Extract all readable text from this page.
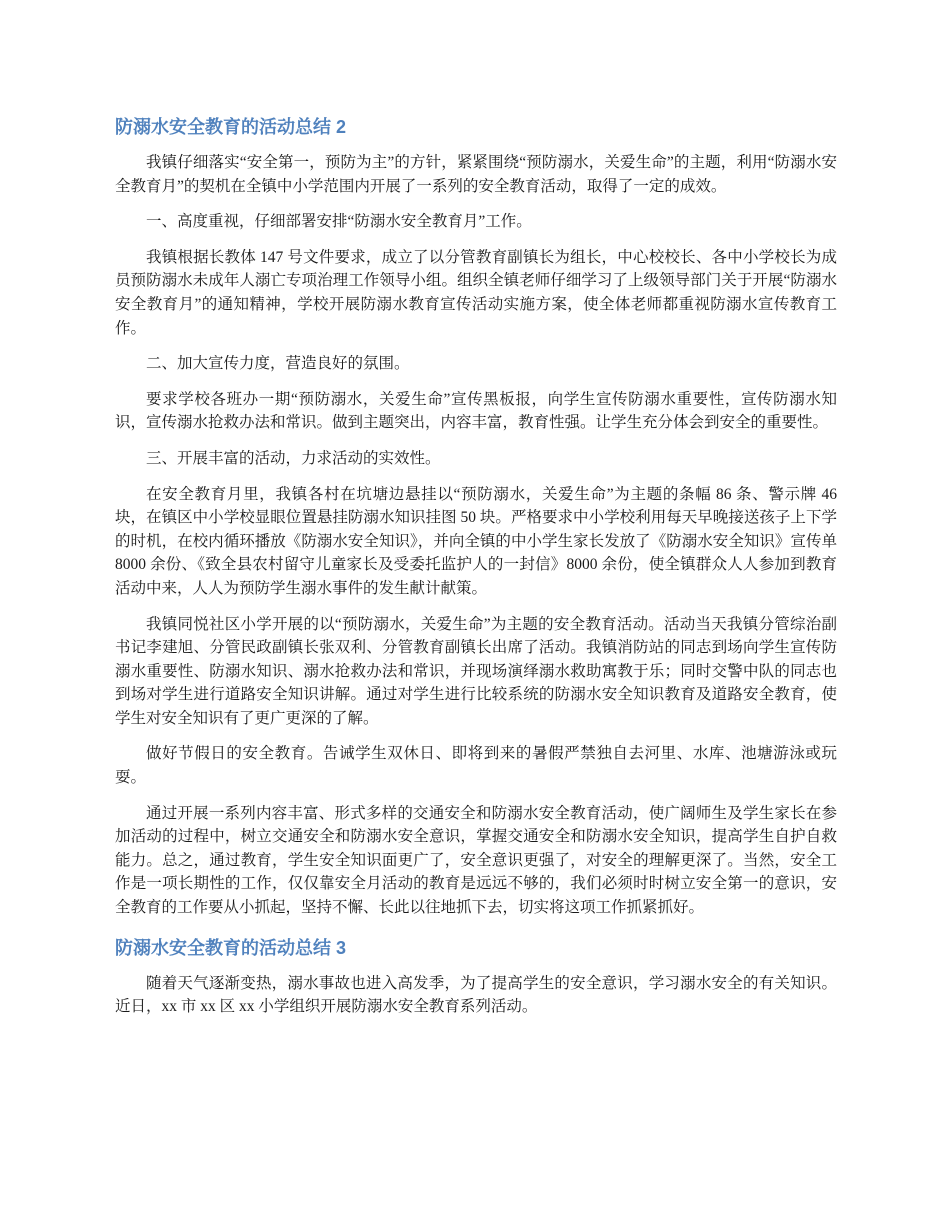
防溺水安全教育的活动总结 2

我镇仔细落实“安全第一，预防为主”的方针，紧紧围绕“预防溺水，关爱生命”的主题，利用“防溺水安全教育月”的契机在全镇中小学范围内开展了一系列的安全教育活动，取得了一定的成效。

一、高度重视，仔细部署安排“防溺水安全教育月”工作。

我镇根据长教体 147 号文件要求，成立了以分管教育副镇长为组长，中心校校长、各中小学校长为成员预防溺水未成年人溺亡专项治理工作领导小组。组织全镇老师仔细学习了上级领导部门关于开展“防溺水安全教育月”的通知精神，学校开展防溺水教育宣传活动实施方案，使全体老师都重视防溺水宣传教育工作。

二、加大宣传力度，营造良好的氛围。

要求学校各班办一期“预防溺水，关爱生命”宣传黑板报，向学生宣传防溺水重要性，宣传防溺水知识，宣传溺水抢救办法和常识。做到主题突出，内容丰富，教育性强。让学生充分体会到安全的重要性。

三、开展丰富的活动，力求活动的实效性。

在安全教育月里，我镇各村在坑塘边悬挂以“预防溺水，关爱生命”为主题的条幅 86 条、警示牌 46 块，在镇区中小学校显眼位置悬挂防溺水知识挂图 50 块。严格要求中小学校利用每天早晚接送孩子上下学的时机，在校内循环播放《防溺水安全知识》，并向全镇的中小学生家长发放了《防溺水安全知识》宣传单 8000 余份、《致全县农村留守儿童家长及受委托监护人的一封信》8000 余份，使全镇群众人人参加到教育活动中来，人人为预防学生溺水事件的发生献计献策。

我镇同悦社区小学开展的以“预防溺水，关爱生命”为主题的安全教育活动。活动当天我镇分管综治副书记李建旭、分管民政副镇长张双利、分管教育副镇长出席了活动。我镇消防站的同志到场向学生宣传防溺水重要性、防溺水知识、溺水抢救办法和常识，并现场演绎溺水救助寓教于乐；同时交警中队的同志也到场对学生进行道路安全知识讲解。通过对学生进行比较系统的防溺水安全知识教育及道路安全教育，使学生对安全知识有了更广更深的了解。

做好节假日的安全教育。告诫学生双休日、即将到来的暑假严禁独自去河里、水库、池塘游泳或玩耍。

通过开展一系列内容丰富、形式多样的交通安全和防溺水安全教育活动，使广阔师生及学生家长在参加活动的过程中，树立交通安全和防溺水安全意识，掌握交通安全和防溺水安全知识，提高学生自护自救能力。总之，通过教育，学生安全知识面更广了，安全意识更强了，对安全的理解更深了。当然，安全工作是一项长期性的工作，仅仅靠安全月活动的教育是远远不够的，我们必须时时树立安全第一的意识，安全教育的工作要从小抓起，坚持不懈、长此以往地抓下去，切实将这项工作抓紧抓好。

防溺水安全教育的活动总结 3

随着天气逐渐变热，溺水事故也进入高发季，为了提高学生的安全意识，学习溺水安全的有关知识。近日，xx 市 xx 区 xx 小学组织开展防溺水安全教育系列活动。
